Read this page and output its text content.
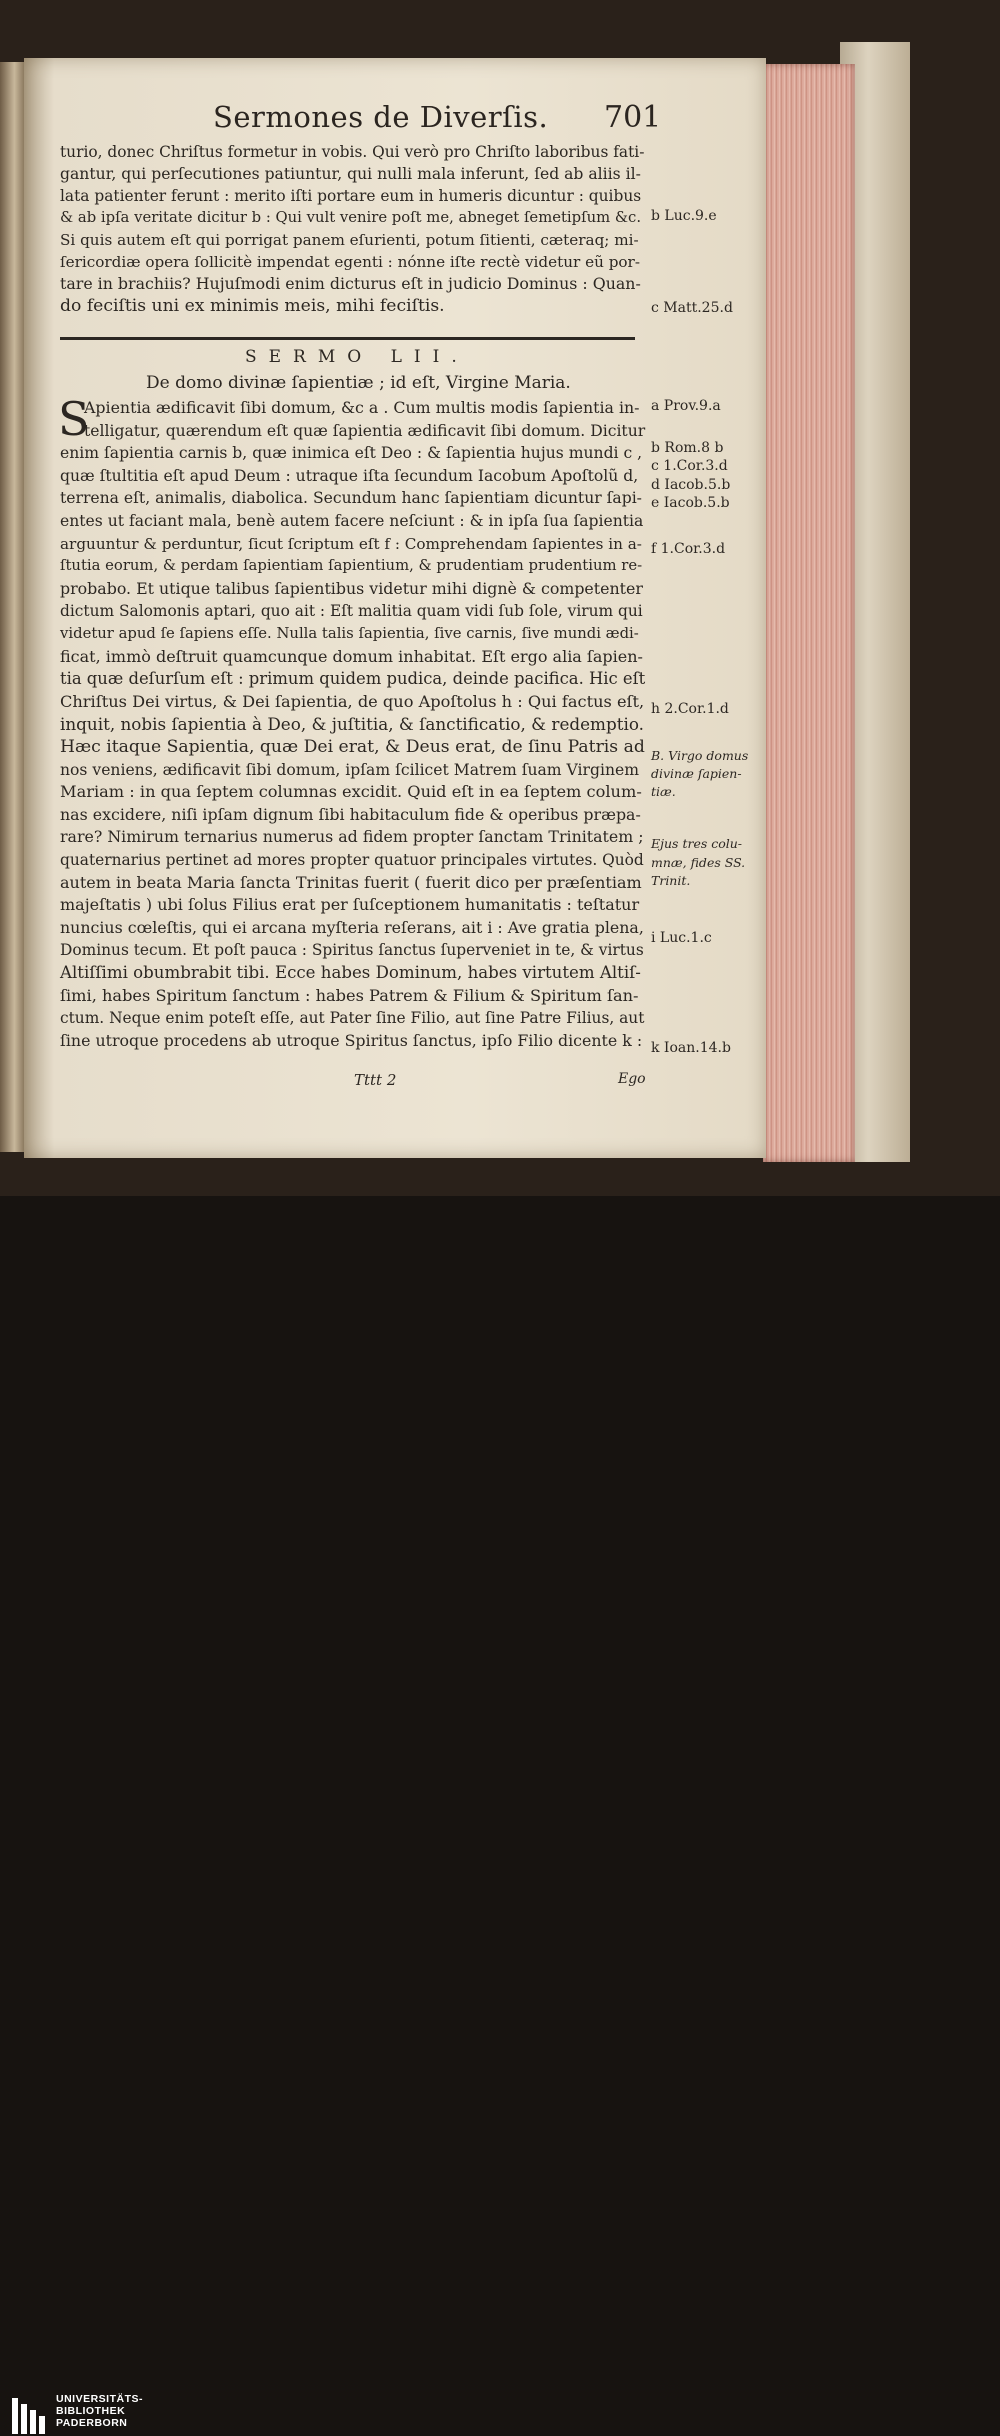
Sermones de Diverſis. 701
turio, donec Chriſtus formetur in vobis. Qui verò pro Chriſto laboribus fati-
gantur, qui perſecutiones patiuntur, qui nulli mala inferunt, ſed ab aliis il-
lata patienter ferunt : merito iſti portare eum in humeris dicuntur : quibus
& ab ipſa veritate dicitur b : Qui vult venire poſt me, abneget ſemetipſum &c.
Si quis autem eſt qui porrigat panem eſurienti, potum ſitienti, cæteraq; mi-
ſericordiæ opera ſollicitè impendat egenti : nónne iſte rectè videtur eũ por-
tare in brachiis? Hujuſmodi enim dicturus eſt in judicio Dominus : Quan-
do feciſtis uni ex minimis meis, mihi feciſtis.
SERMO LII.
De domo divinæ ſapientiæ ; id eſt, Virgine Maria.
S
Apientia ædificavit ſibi domum, &c a . Cum multis modis ſapientia in-
telligatur, quærendum eſt quæ ſapientia ædificavit ſibi domum. Dicitur
enim ſapientia carnis b, quæ inimica eſt Deo : & ſapientia hujus mundi c ,
quæ ſtultitia eſt apud Deum : utraque iſta ſecundum Iacobum Apoſtolũ d,
terrena eſt, animalis, diabolica. Secundum hanc ſapientiam dicuntur ſapi-
entes ut faciant mala, benè autem facere neſciunt : & in ipſa ſua ſapientia
arguuntur & perduntur, ſicut ſcriptum eſt f : Comprehendam ſapientes in a-
ſtutia eorum, & perdam ſapientiam ſapientium, & prudentiam prudentium re-
probabo. Et utique talibus ſapientibus videtur mihi dignè & competenter
dictum Salomonis aptari, quo ait : Eſt malitia quam vidi ſub ſole, virum qui
videtur apud ſe ſapiens eſſe. Nulla talis ſapientia, ſive carnis, ſive mundi ædi-
ficat, immò deſtruit quamcunque domum inhabitat. Eſt ergo alia ſapien-
tia quæ deſurſum eſt : primum quidem pudica, deinde pacifica. Hic eſt
Chriſtus Dei virtus, & Dei ſapientia, de quo Apoſtolus h : Qui factus eſt,
inquit, nobis ſapientia à Deo, & juſtitia, & ſanctificatio, & redemptio.
Hæc itaque Sapientia, quæ Dei erat, & Deus erat, de ſinu Patris ad
nos veniens, ædificavit ſibi domum, ipſam ſcilicet Matrem ſuam Virginem
Mariam : in qua ſeptem columnas excidit. Quid eſt in ea ſeptem colum-
nas excidere, niſi ipſam dignum ſibi habitaculum fide & operibus præpa-
rare? Nimirum ternarius numerus ad fidem propter ſanctam Trinitatem ;
quaternarius pertinet ad mores propter quatuor principales virtutes. Quòd
autem in beata Maria ſancta Trinitas fuerit ( fuerit dico per præſentiam
majeſtatis ) ubi ſolus Filius erat per ſuſceptionem humanitatis : teſtatur
nuncius cœleſtis, qui ei arcana myſteria reſerans, ait i : Ave gratia plena,
Dominus tecum. Et poſt pauca : Spiritus ſanctus ſuperveniet in te, & virtus
Altiſſimi obumbrabit tibi. Ecce habes Dominum, habes virtutem Altiſ-
ſimi, habes Spiritum ſanctum : habes Patrem & Filium & Spiritum ſan-
ctum. Neque enim poteſt eſſe, aut Pater ſine Filio, aut ſine Patre Filius, aut
ſine utroque procedens ab utroque Spiritus ſanctus, ipſo Filio dicente k :
b Luc.9.e
c Matt.25.d
a Prov.9.a
b Rom.8 b
c 1.Cor.3.d
d Iacob.5.b
e Iacob.5.b
f 1.Cor.3.d
h 2.Cor.1.d
B. Virgo domus
divinæ ſapien-
tiæ.
Ejus tres colu-
mnæ, fides SS.
Trinit.
i Luc.1.c
k Ioan.14.b
Tttt 2	Ego
UNIVERSITÄTS-
BIBLIOTHEK
PADERBORN
